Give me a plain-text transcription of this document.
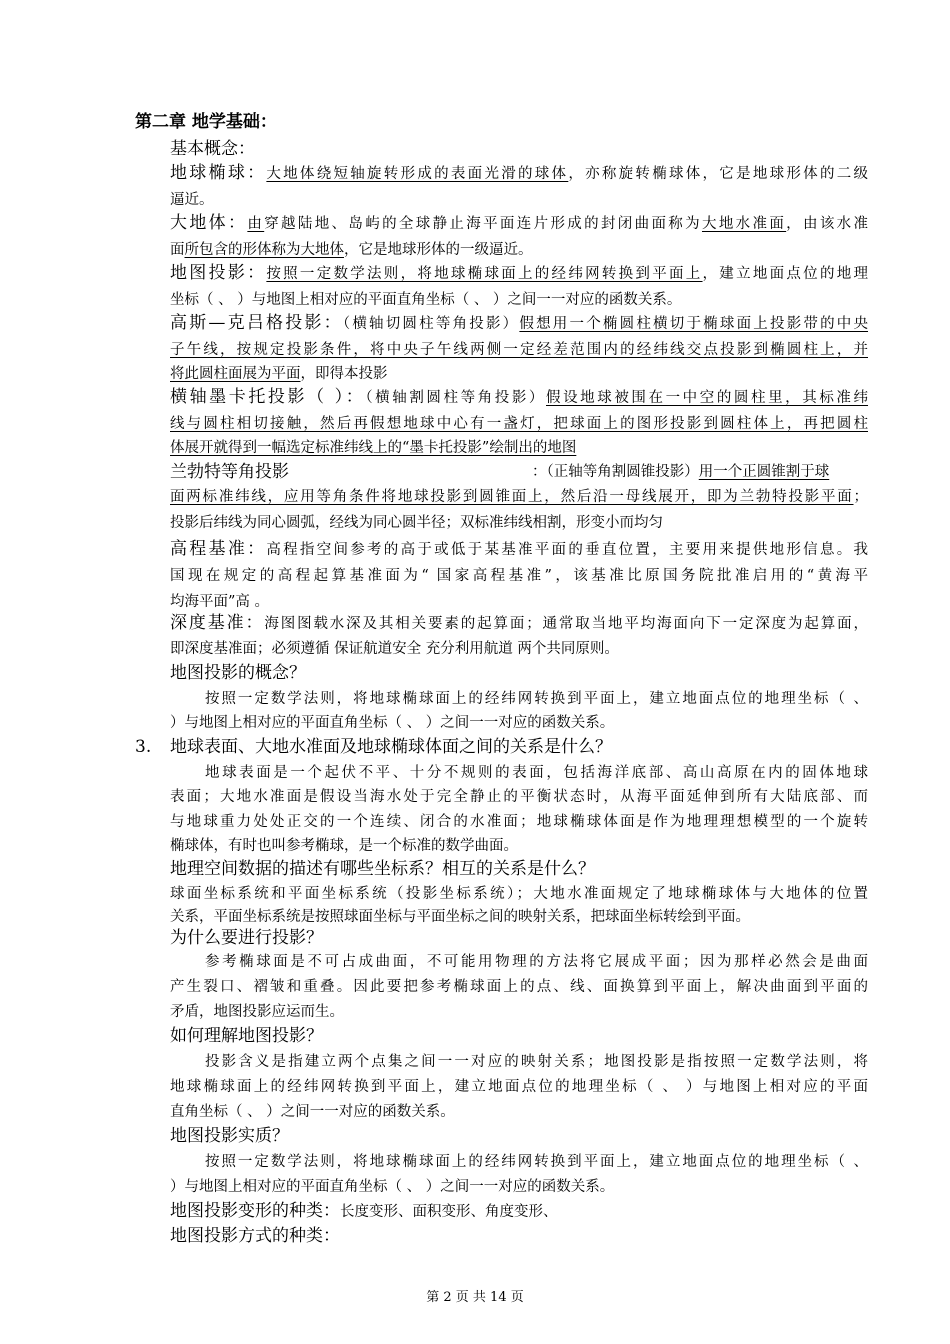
第二章 地学基础：
基本概念：
地球椭球：大地体绕短轴旋转形成的表面光滑的球体，亦称旋转椭球体，它是地球形体的二级
逼近。
大地体：由穿越陆地、岛屿的全球静止海平面连片形成的封闭曲面称为大地水准面，由该水准
面所包含的形体称为大地体，它是地球形体的一级逼近。
地图投影：按照一定数学法则，将地球椭球面上的经纬网转换到平面上，建立地面点位的地理
坐标（ 、 ）与地图上相对应的平面直角坐标（ 、 ）之间一一对应的函数关系。
高斯—克吕格投影：（横轴切圆柱等角投影）假想用一个椭圆柱横切于椭球面上投影带的中央
子午线，按规定投影条件，将中央子午线两侧一定经差范围内的经纬线交点投影到椭圆柱上，并
将此圆柱面展为平面，即得本投影
横轴墨卡托投影（ ）：（横轴割圆柱等角投影）假设地球被围在一中空的圆柱里，其标准纬
线与圆柱相切接触，然后再假想地球中心有一盏灯，把球面上的图形投影到圆柱体上，再把圆柱
体展开就得到一幅选定标准纬线上的“墨卡托投影”绘制出的地图
兰勃特等角投影
面两标准纬线，应用等角条件将地球投影到圆锥面上，然后沿一母线展开，即为兰勃特投影平面；
投影后纬线为同心圆弧，经线为同心圆半径；双标准纬线相割，形变小而均匀
高程基准：高程指空间参考的高于或低于某基准平面的垂直位置，主要用来提供地形信息。我
国现在规定的高程起算基准面为“ 国家高程基准”，该基准比原国务院批准启用的“黄海平
均海平面”高 。
深度基准：海图图载水深及其相关要素的起算面；通常取当地平均海面向下一定深度为起算面，
即深度基准面；必须遵循 保证航道安全 充分利用航道 两个共同原则。
地图投影的概念？
按照一定数学法则，将地球椭球面上的经纬网转换到平面上，建立地面点位的地理坐标（ 、
）与地图上相对应的平面直角坐标（ 、 ）之间一一对应的函数关系。
地球表面、大地水准面及地球椭球体面之间的关系是什么？
地球表面是一个起伏不平、十分不规则的表面，包括海洋底部、高山高原在内的固体地球
表面；大地水准面是假设当海水处于完全静止的平衡状态时，从海平面延伸到所有大陆底部、而
与地球重力处处正交的一个连续、闭合的水准面；地球椭球体面是作为地理理想模型的一个旋转
椭球体，有时也叫参考椭球，是一个标准的数学曲面。
地理空间数据的描述有哪些坐标系？相互的关系是什么？
球面坐标系统和平面坐标系统（投影坐标系统）；大地水准面规定了地球椭球体与大地体的位置
关系，平面坐标系统是按照球面坐标与平面坐标之间的映射关系，把球面坐标转绘到平面。
为什么要进行投影？
参考椭球面是不可占成曲面，不可能用物理的方法将它展成平面；因为那样必然会是曲面
产生裂口、褶皱和重叠。因此要把参考椭球面上的点、线、面换算到平面上，解决曲面到平面的
矛盾，地图投影应运而生。
如何理解地图投影？
投影含义是指建立两个点集之间一一对应的映射关系；地图投影是指按照一定数学法则，将
地球椭球面上的经纬网转换到平面上，建立地面点位的地理坐标（ 、 ）与地图上相对应的平面
直角坐标（ 、 ）之间一一对应的函数关系。
地图投影实质？
按照一定数学法则，将地球椭球面上的经纬网转换到平面上，建立地面点位的地理坐标（ 、
）与地图上相对应的平面直角坐标（ 、 ）之间一一对应的函数关系。
地图投影变形的种类：长度变形、面积变形、角度变形、
地图投影方式的种类：
：（正轴等角割圆锥投影）用一个正圆锥割于球
3.
第 2 页 共 14 页
